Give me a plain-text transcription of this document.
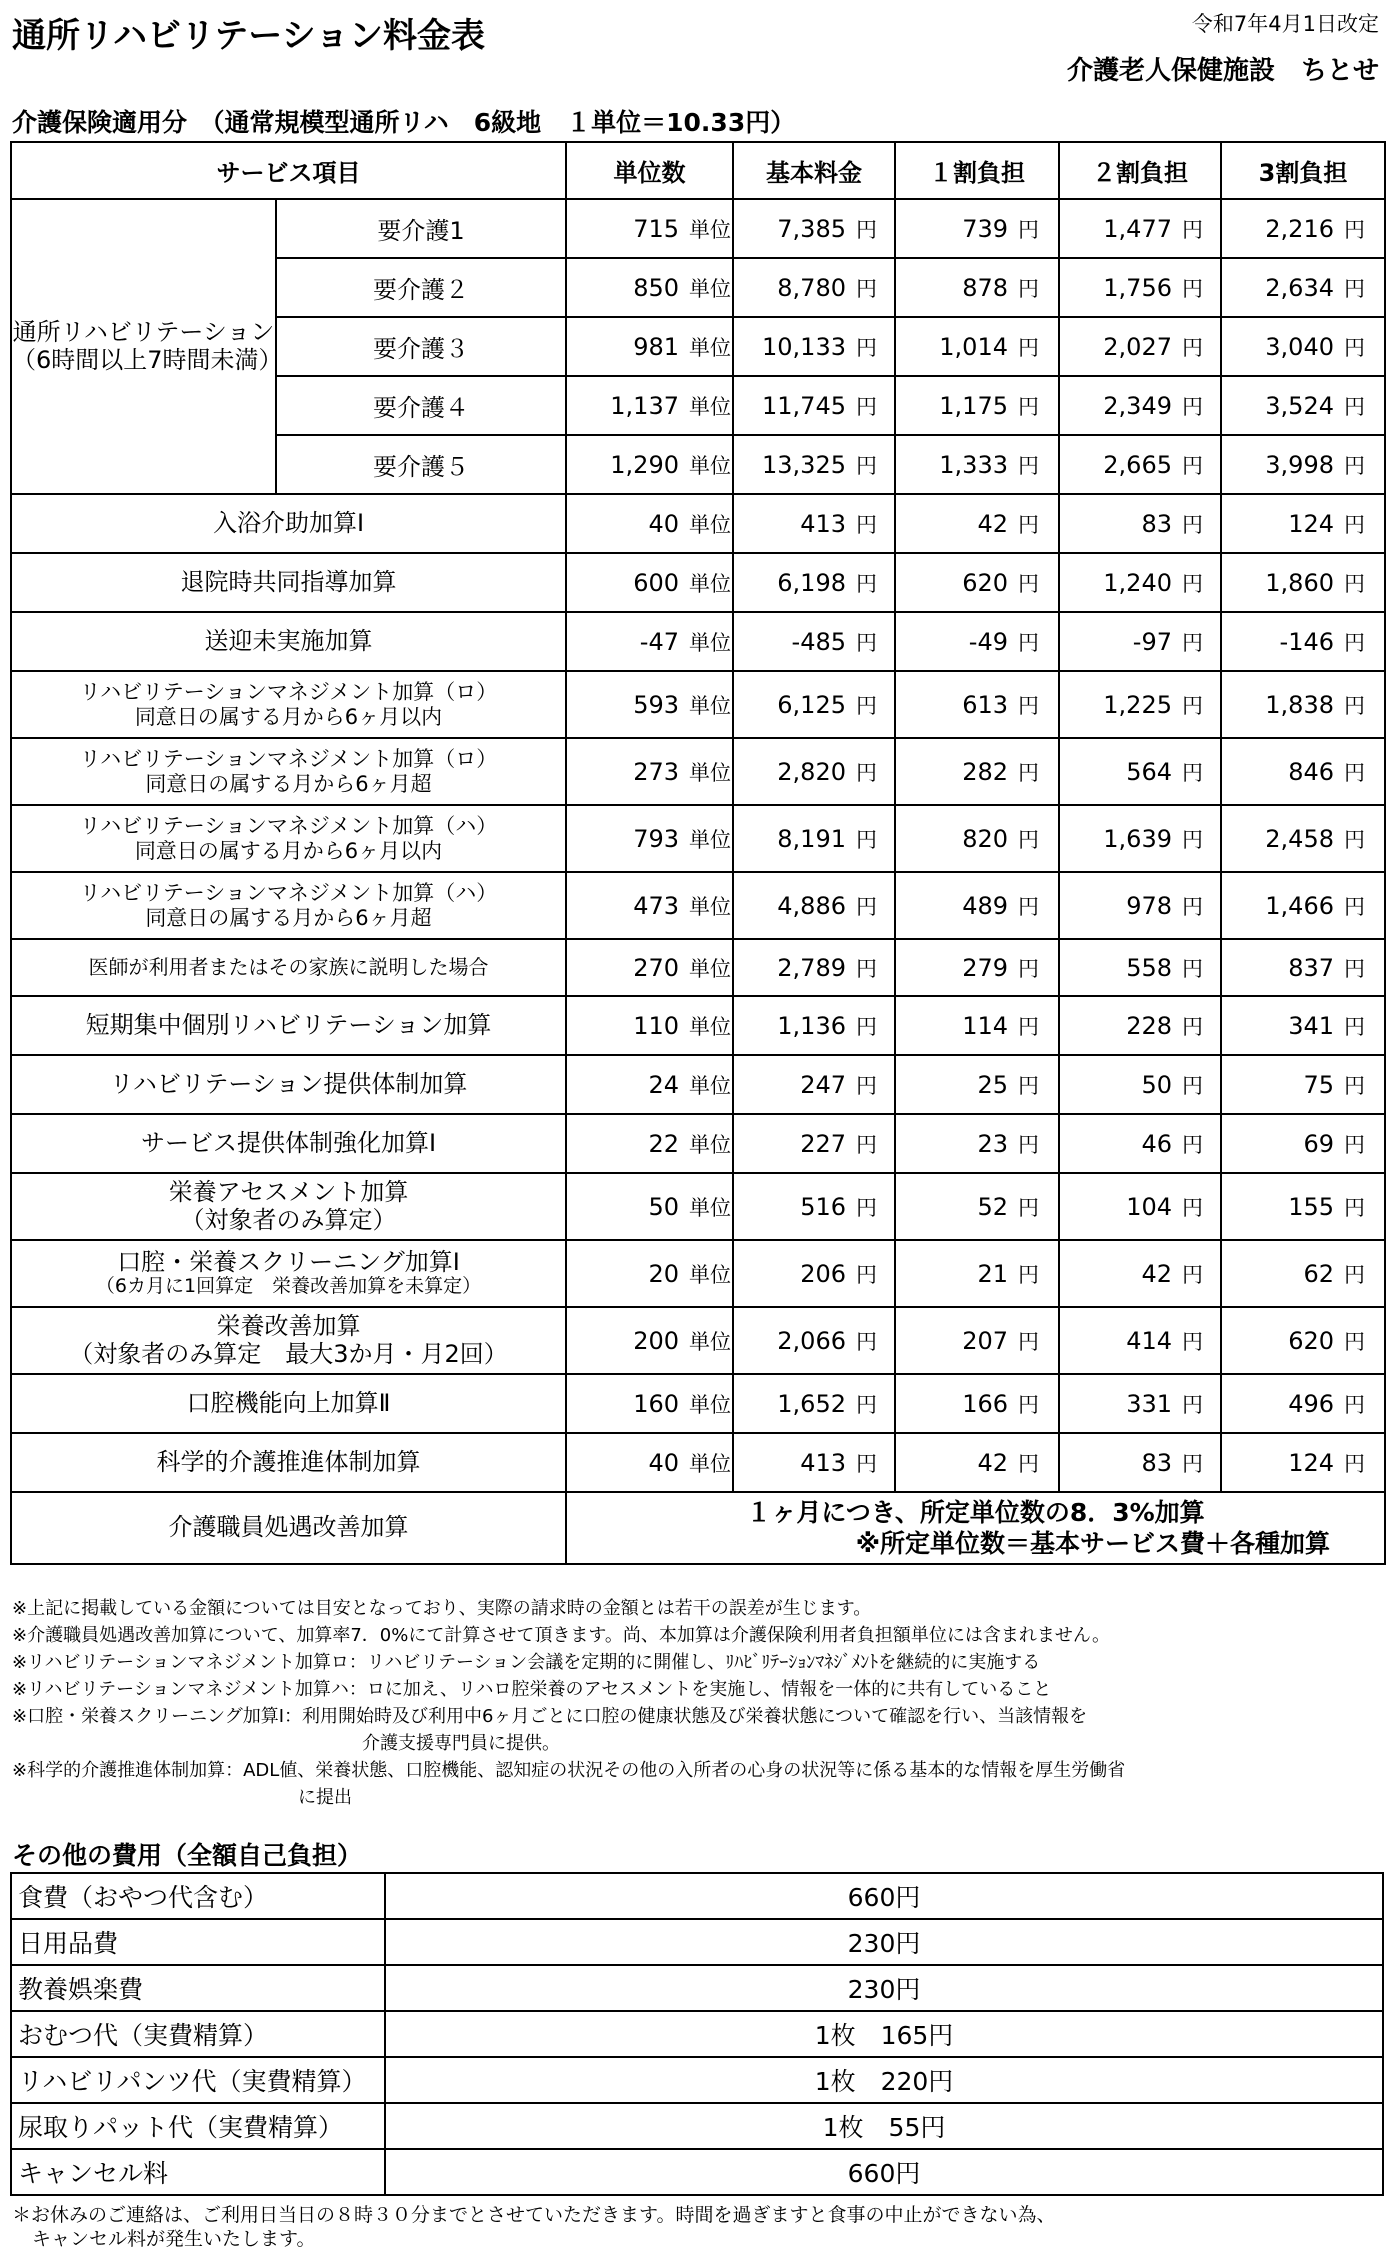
通所リハビリテーション料金表	令和7年4月1日改定
介護老人保健施設　ちとせ
介護保険適用分　（通常規模型通所リハ　6級地　１単位＝10.33円）
サービス項目		単位数	基本料金	１割負担	２割負担	3割負担

通所リハビリテーション
（6時間以上7時間未満）	要介護1	715 単位	7,385 円	739 円	1,477 円	2,216 円
	要介護２	850 単位	8,780 円	878 円	1,756 円	2,634 円
	要介護３	981 単位	10,133 円	1,014 円	2,027 円	3,040 円
	要介護４	1,137 単位	11,745 円	1,175 円	2,349 円	3,524 円
	要介護５	1,290 単位	13,325 円	1,333 円	2,665 円	3,998 円

入浴介助加算Ⅰ		40 単位	413 円	42 円	83 円	124 円

退院時共同指導加算		600 単位	6,198 円	620 円	1,240 円	1,860 円

送迎未実施加算		-47 単位	-485 円	-49 円	-97 円	-146 円

リハビリテーションマネジメント加算（ロ）
同意日の属する月から6ヶ月以内		593 単位	6,125 円	613 円	1,225 円	1,838 円

リハビリテーションマネジメント加算（ロ）
同意日の属する月から6ヶ月超		273 単位	2,820 円	282 円	564 円	846 円

リハビリテーションマネジメント加算（ハ）
同意日の属する月から6ヶ月以内		793 単位	8,191 円	820 円	1,639 円	2,458 円

リハビリテーションマネジメント加算（ハ）
同意日の属する月から6ヶ月超		473 単位	4,886 円	489 円	978 円	1,466 円

医師が利用者またはその家族に説明した場合		270 単位	2,789 円	279 円	558 円	837 円

短期集中個別リハビリテーション加算		110 単位	1,136 円	114 円	228 円	341 円

リハビリテーション提供体制加算		24 単位	247 円	25 円	50 円	75 円

サービス提供体制強化加算Ⅰ		22 単位	227 円	23 円	46 円	69 円

栄養アセスメント加算
（対象者のみ算定）		50 単位	516 円	52 円	104 円	155 円

口腔・栄養スクリーニング加算Ⅰ
（6カ月に1回算定　栄養改善加算を未算定）		20 単位	206 円	21 円	42 円	62 円

栄養改善加算
（対象者のみ算定　最大3か月・月2回）		200 単位	2,066 円	207 円	414 円	620 円

口腔機能向上加算Ⅱ		160 単位	1,652 円	166 円	331 円	496 円

科学的介護推進体制加算		40 単位	413 円	42 円	83 円	124 円
介護職員処遇改善加算		１ヶ月につき、所定単位数の8．3%加算
※所定単位数＝基本サービス費＋各種加算				
※上記に掲載している金額については目安となっており、実際の請求時の金額とは若干の誤差が生じます。
※介護職員処遇改善加算について、加算率7．0%にて計算させて頂きます。尚、本加算は介護保険利用者負担額単位には含まれません。
※リハビリテーションマネジメント加算ロ：リハビリテーション会議を定期的に開催し、ﾘﾊﾋﾞﾘﾃｰｼｮﾝﾏﾈｼﾞﾒﾝﾄを継続的に実施する
※リハビリテーションマネジメント加算ハ：ロに加え、リハロ腔栄養のアセスメントを実施し、情報を一体的に共有していること
※口腔・栄養スクリーニング加算Ⅰ：利用開始時及び利用中6ヶ月ごとに口腔の健康状態及び栄養状態について確認を行い、当該情報を
介護支援専門員に提供。
※科学的介護推進体制加算：ADL値、栄養状態、口腔機能、認知症の状況その他の入所者の心身の状況等に係る基本的な情報を厚生労働省
に提出
その他の費用（全額自己負担）
食費（おやつ代含む）	660円
日用品費	230円
教養娯楽費	230円
おむつ代（実費精算）	1枚　165円
リハビリパンツ代（実費精算）	1枚　220円
尿取りパット代（実費精算）	1枚　55円
キャンセル料	660円
＊お休みのご連絡は、ご利用日当日の８時３０分までとさせていただきます。時間を過ぎますと食事の中止ができない為、
キャンセル料が発生いたします。
